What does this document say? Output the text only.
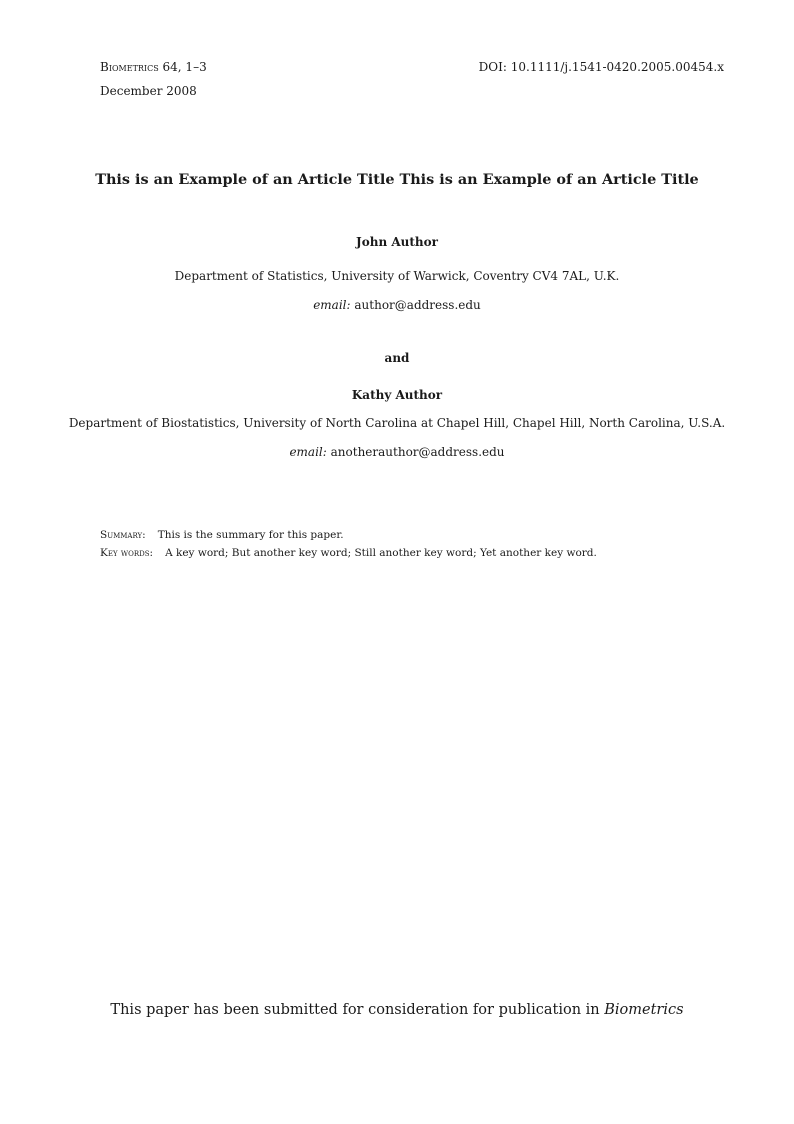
Biometrics 64, 1–3	DOI: 10.1111/j.1541-0420.2005.00454.x
December 2008
This is an Example of an Article Title This is an Example of an Article Title
John Author
Department of Statistics, University of Warwick, Coventry CV4 7AL, U.K.
email: author@address.edu
and
Kathy Author
Department of Biostatistics, University of North Carolina at Chapel Hill, Chapel Hill, North Carolina, U.S.A.
email: anotherauthor@address.edu
Summary: This is the summary for this paper.
Key words: A key word; But another key word; Still another key word; Yet another key word.
This paper has been submitted for consideration for publication in Biometrics
